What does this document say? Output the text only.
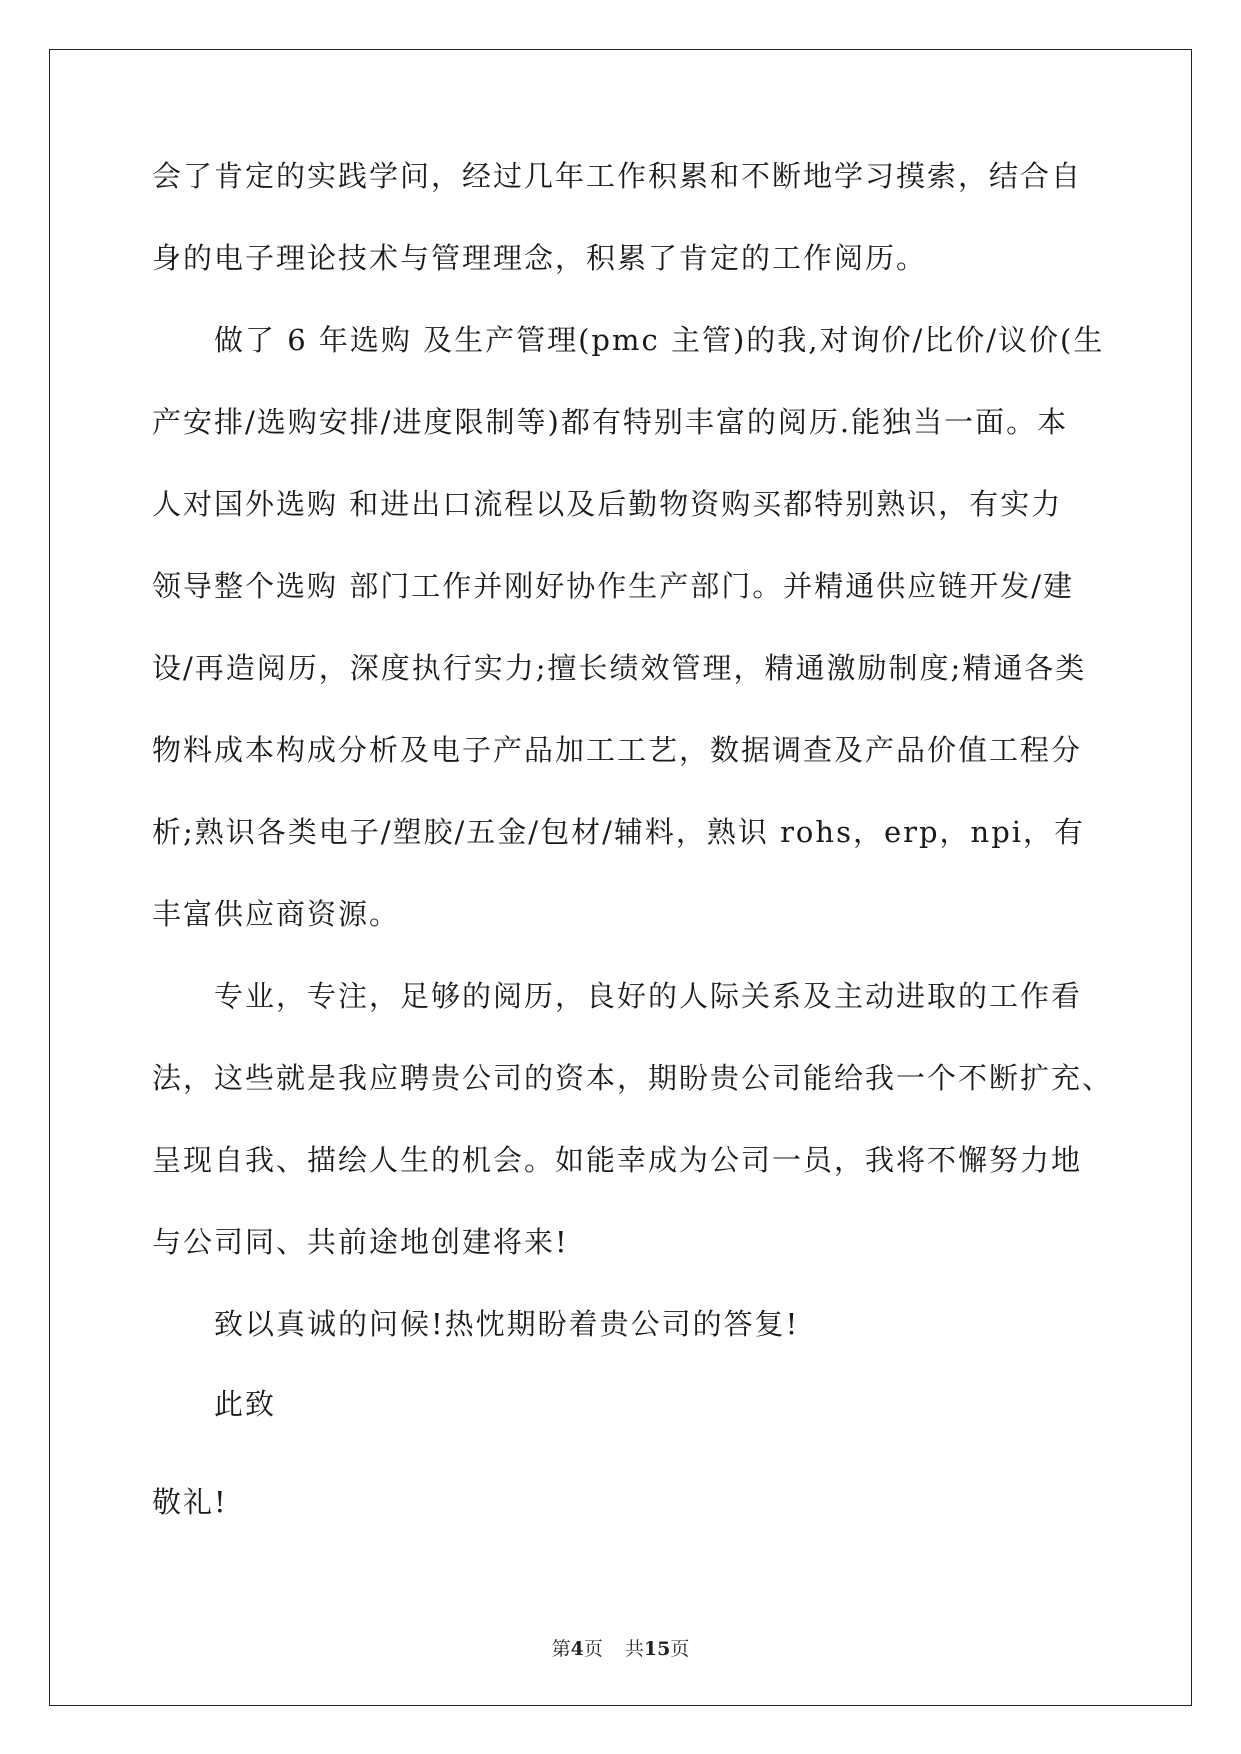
会了肯定的实践学问，经过几年工作积累和不断地学习摸索，结合自

身的电子理论技术与管理理念，积累了肯定的工作阅历。

做了 6 年选购 及生产管理(pmc 主管)的我,对询价/比价/议价(生

产安排/选购安排/进度限制等)都有特别丰富的阅历.能独当一面。本

人对国外选购 和进出口流程以及后勤物资购买都特别熟识，有实力

领导整个选购 部门工作并刚好协作生产部门。并精通供应链开发/建

设/再造阅历，深度执行实力;擅长绩效管理，精通激励制度;精通各类

物料成本构成分析及电子产品加工工艺，数据调查及产品价值工程分

析;熟识各类电子/塑胶/五金/包材/辅料，熟识 rohs，erp，npi，有

丰富供应商资源。

专业，专注，足够的阅历，良好的人际关系及主动进取的工作看

法，这些就是我应聘贵公司的资本，期盼贵公司能给我一个不断扩充、

呈现自我、描绘人生的机会。如能幸成为公司一员，我将不懈努力地

与公司同、共前途地创建将来!

致以真诚的问候!热忱期盼着贵公司的答复!

此致

敬礼!
第4页 共15页
